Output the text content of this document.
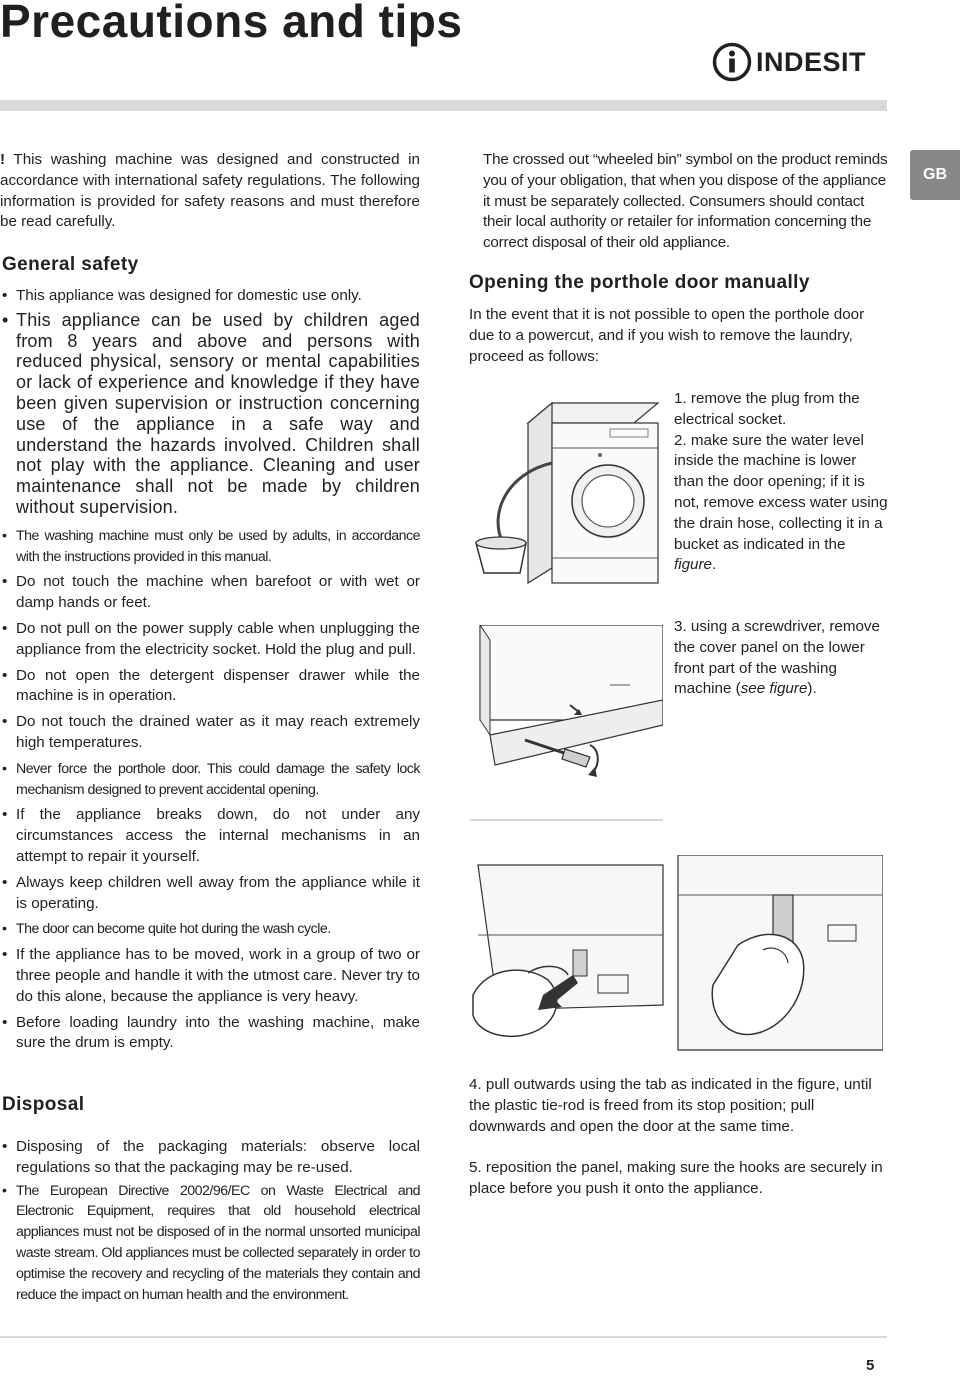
Precautions and tips
INDESIT
GB

! This washing machine was designed and constructed in accordance with international safety regulations. The following information is provided for safety reasons and must therefore be read carefully.

General safety
• This appliance was designed for domestic use only.
• This appliance can be used by children aged from 8 years and above and persons with reduced physical, sensory or mental capabilities or lack of experience and knowledge if they have been given supervision or instruction concerning use of the appliance in a safe way and understand the hazards involved. Children shall not play with the appliance. Cleaning and user maintenance shall not be made by children without supervision.
• The washing machine must only be used by adults, in accordance with the instructions provided in this manual.
• Do not touch the machine when barefoot or with wet or damp hands or feet.
• Do not pull on the power supply cable when unplugging the appliance from the electricity socket. Hold the plug and pull.
• Do not open the detergent dispenser drawer while the machine is in operation.
• Do not touch the drained water as it may reach extremely high temperatures.
• Never force the porthole door. This could damage the safety lock mechanism designed to prevent accidental opening.
• If the appliance breaks down, do not under any circumstances access the internal mechanisms in an attempt to repair it yourself.
• Always keep children well away from the appliance while it is operating.
• The door can become quite hot during the wash cycle.
• If the appliance has to be moved, work in a group of two or three people and handle it with the utmost care. Never try to do this alone, because the appliance is very heavy.
• Before loading laundry into the washing machine, make sure the drum is empty.
Disposal
• Disposing of the packaging materials: observe local regulations so that the packaging may be re-used.
• The European Directive 2002/96/EC on Waste Electrical and Electronic Equipment, requires that old household electrical appliances must not be disposed of in the normal unsorted municipal waste stream. Old appliances must be collected separately in order to optimise the recovery and recycling of the materials they contain and reduce the impact on human health and the environment.

The crossed out “wheeled bin” symbol on the product reminds you of your obligation, that when you dispose of the appliance it must be separately collected. Consumers should contact their local authority or retailer for information concerning the correct disposal of their old appliance.

Opening the porthole door manually

In the event that it is not possible to open the porthole door due to a powercut, and if you wish to remove the laundry, proceed as follows:

1. remove the plug from the electrical socket.

2. make sure the water level inside the machine is lower than the door opening; if it is not, remove excess water using the drain hose, collecting it in a bucket as indicated in the figure.

3. using a screwdriver, remove the cover panel on the lower front part of the washing machine (see figure).

4. pull outwards using the tab as indicated in the figure, until the plastic tie-rod is freed from its stop position; pull downwards and open the door at the same time.

5. reposition the panel, making sure the hooks are securely in place before you push it onto the appliance.

5
